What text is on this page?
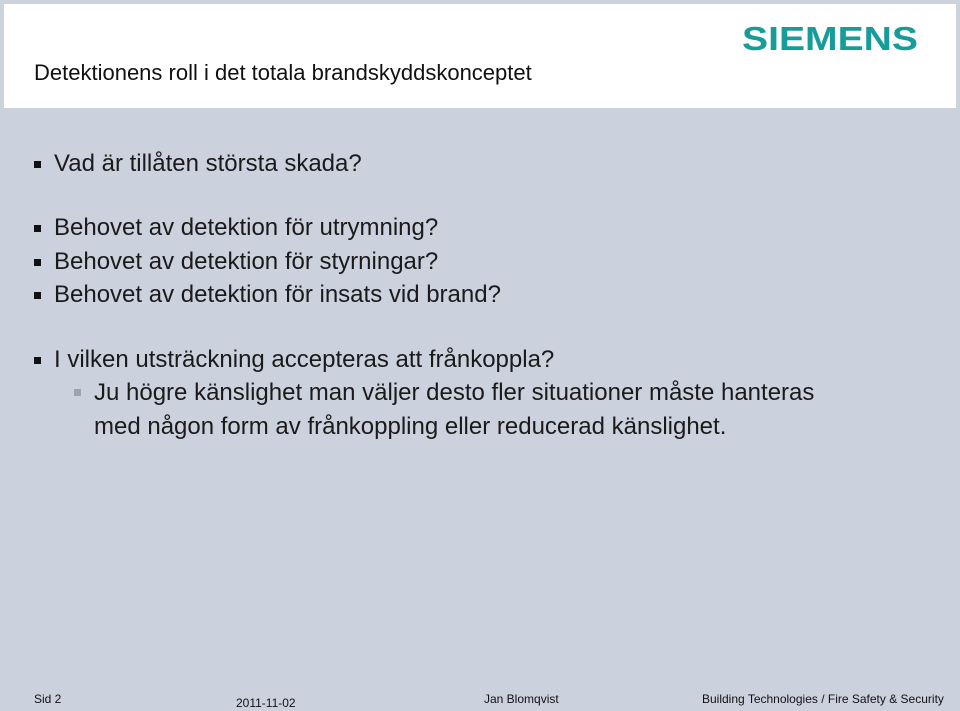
Detektionens roll i det totala brandskyddskonceptet
SIEMENS
Vad är tillåten största skada?
Behovet av detektion för utrymning?
Behovet av detektion för styrningar?
Behovet av detektion för insats vid brand?
I vilken utsträckning accepteras att frånkoppla?
Ju högre känslighet man väljer desto fler situationer måste hanteras
med någon form av frånkoppling eller reducerad känslighet.
Sid 2	2011-11-02	Jan Blomqvist	Building Technologies / Fire Safety & Security
